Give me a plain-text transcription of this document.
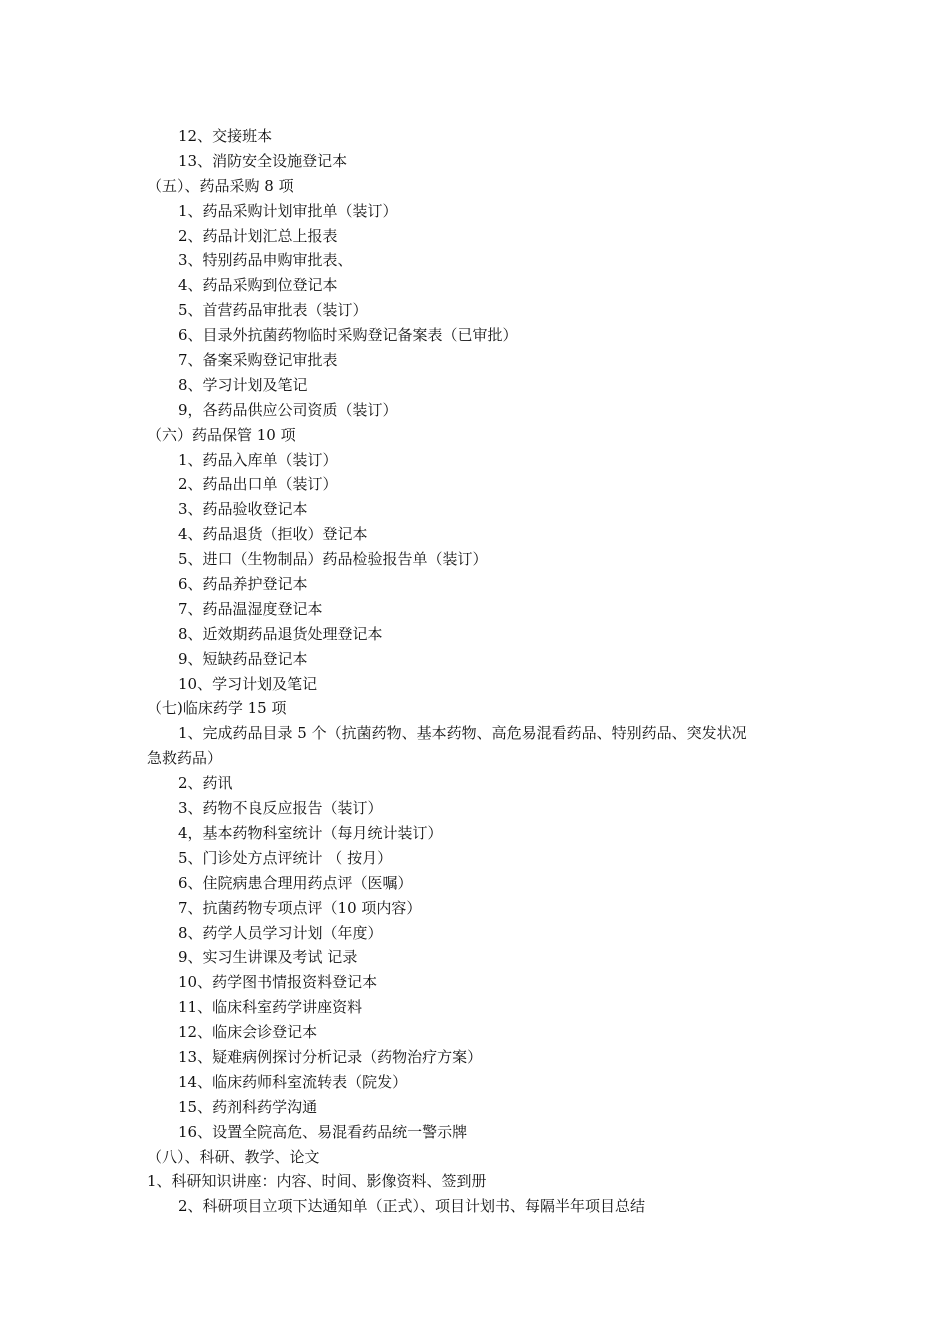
12、交接班本
13、消防安全设施登记本
（五）、药品采购 8 项
1、药品采购计划审批单（装订）
2、药品计划汇总上报表
3、特别药品申购审批表、
4、药品采购到位登记本
5、首营药品审批表（装订）
6、目录外抗菌药物临时采购登记备案表（已审批）
7、备案采购登记审批表
8、学习计划及笔记
9，各药品供应公司资质（装订）
（六）药品保管 10 项
1、药品入库单（装订）
2、药品出口单（装订）
3、药品验收登记本
4、药品退货（拒收）登记本
5、进口（生物制品）药品检验报告单（装订）
6、药品养护登记本
7、药品温湿度登记本
8、近效期药品退货处理登记本
9、短缺药品登记本
10、学习计划及笔记
（七)临床药学 15 项
1、完成药品目录 5 个（抗菌药物、基本药物、高危易混看药品、特别药品、突发状况
急救药品）
2、药讯
3、药物不良反应报告（装订）
4，基本药物科室统计（每月统计装订）
5、门诊处方点评统计 （ 按月）
6、住院病患合理用药点评（医嘱）
7、抗菌药物专项点评（10 项内容）
8、药学人员学习计划（年度）
9、实习生讲课及考试 记录
10、药学图书情报资料登记本
11、临床科室药学讲座资料
12、临床会诊登记本
13、疑难病例探讨分析记录（药物治疗方案）
14、临床药师科室流转表（院发）
15、药剂科药学沟通
16、设置全院高危、易混看药品统一警示牌
（八）、科研、教学、论文
1、科研知识讲座：内容、时间、影像资料、签到册
2、科研项目立项下达通知单（正式）、项目计划书、每隔半年项目总结
